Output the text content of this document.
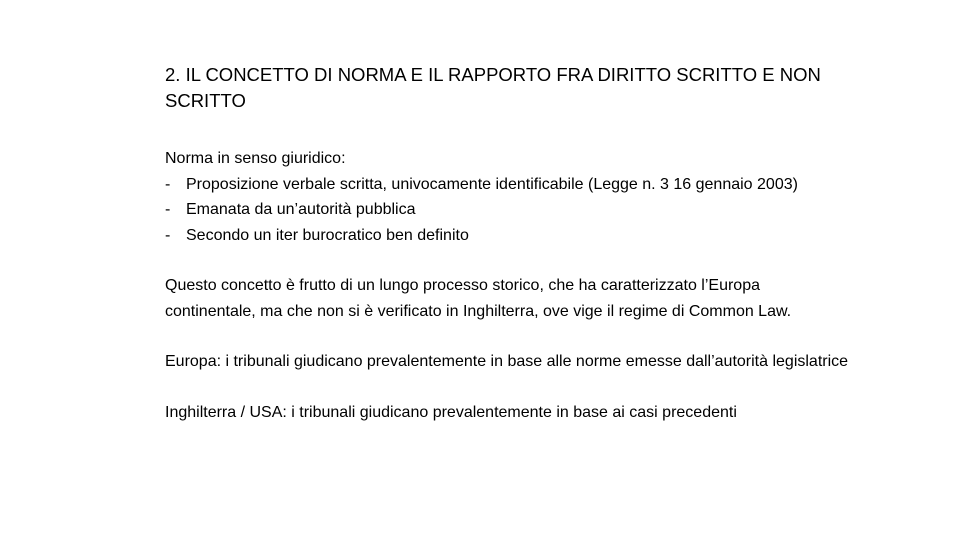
2. IL CONCETTO DI NORMA E IL RAPPORTO FRA DIRITTO SCRITTO E NON SCRITTO

Norma in senso giuridico:

- Proposizione verbale scritta, univocamente identificabile (Legge n. 3 16 gennaio 2003)
- Emanata da un’autorità pubblica
- Secondo un iter burocratico ben definito

Questo concetto è frutto di un lungo processo storico, che ha caratterizzato l’Europa continentale, ma che non si è verificato in Inghilterra, ove vige il regime di Common Law.

Europa: i tribunali giudicano prevalentemente in base alle norme emesse dall’autorità legislatrice

Inghilterra / USA: i tribunali giudicano prevalentemente in base ai casi precedenti
